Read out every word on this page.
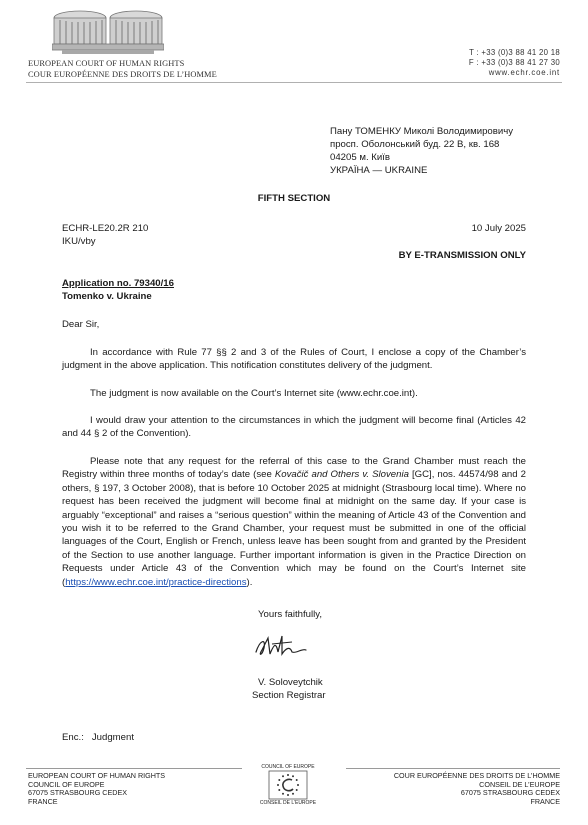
EUROPEAN COURT OF HUMAN RIGHTS
COUR EUROPÉENNE DES DROITS DE L’HOMME
T : +33 (0)3 88 41 20 18
F : +33 (0)3 88 41 27 30
www.echr.coe.int
Пану ТОМЕНКУ Миколі Володимировичу
просп. Оболонський буд. 22 В, кв. 168
04205 м. Київ
УКРАЇНА — UKRAINE
FIFTH SECTION
ECHR-LE20.2R 210
IKU/vby
10 July 2025
BY E-TRANSMISSION ONLY
Application no. 79340/16
Tomenko v. Ukraine
Dear Sir,
In accordance with Rule 77 §§ 2 and 3 of the Rules of Court, I enclose a copy of the Chamber’s judgment in the above application. This notification constitutes delivery of the judgment.
The judgment is now available on the Court’s Internet site (www.echr.coe.int).
I would draw your attention to the circumstances in which the judgment will become final (Articles 42 and 44 § 2 of the Convention).
Please note that any request for the referral of this case to the Grand Chamber must reach the Registry within three months of today’s date (see Kovačič and Others v. Slovenia [GC], nos. 44574/98 and 2 others, § 197, 3 October 2008), that is before 10 October 2025 at midnight (Strasbourg local time). Where no request has been received the judgment will become final at midnight on the same day. If your case is arguably “exceptional” and raises a “serious question” within the meaning of Article 43 of the Convention and you wish it to be referred to the Grand Chamber, your request must be submitted in one of the official languages of the Court, English or French, unless leave has been sought from and granted by the President of the Section to use another language. Further important information is given in the Practice Direction on Requests under Article 43 of the Convention which may be found on the Court’s Internet site (https://www.echr.coe.int/practice-directions).
Yours faithfully,
V. Soloveytchik
Section Registrar
Enc.:   Judgment
EUROPEAN COURT OF HUMAN RIGHTS
COUNCIL OF EUROPE
67075 STRASBOURG CEDEX
FRANCE
COUNCIL OF EUROPE
CONSEIL DE L’EUROPE
COUR EUROPÉENNE DES DROITS DE L’HOMME
CONSEIL DE L’EUROPE
67075 STRASBOURG CEDEX
FRANCE
